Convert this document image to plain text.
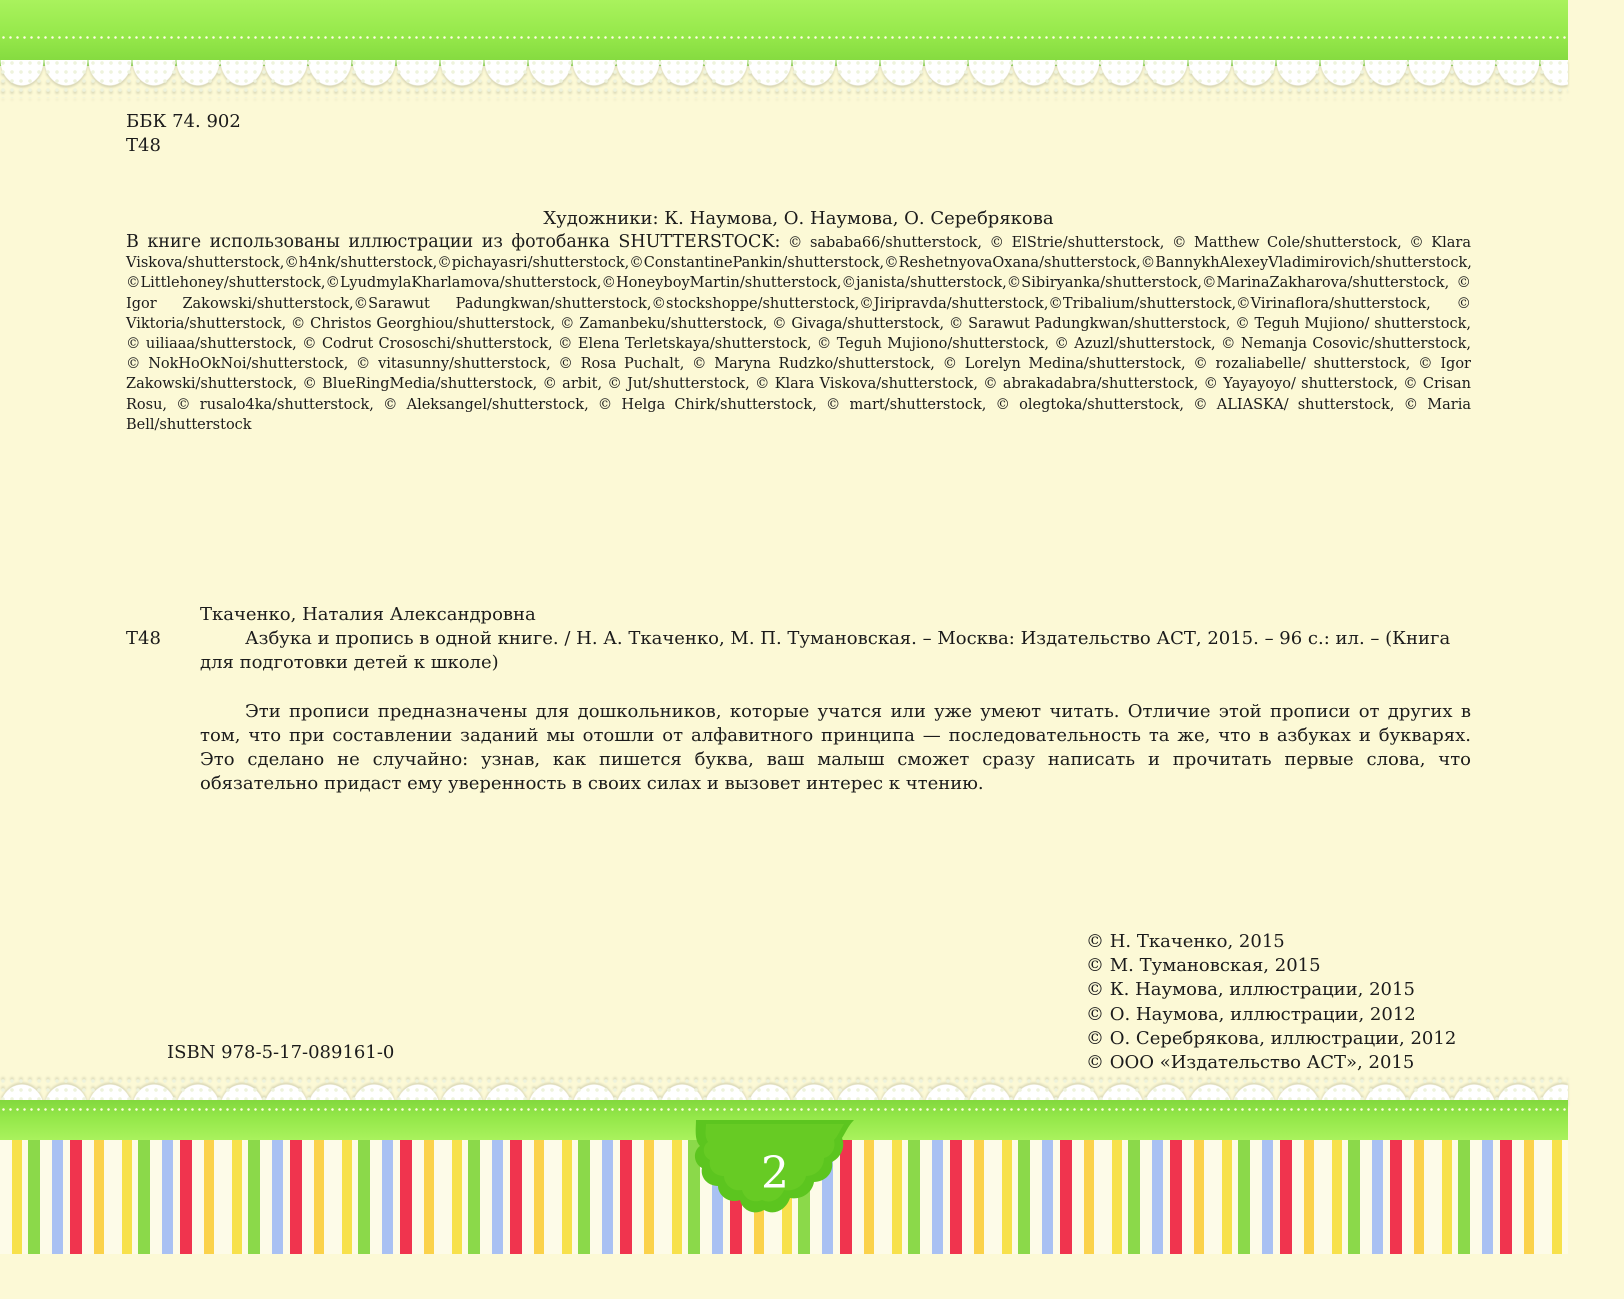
2
ББК 74. 902
Т48
Художники: К. Наумова, О. Наумова, О. Серебрякова
В книге использованы иллюстрации из фотобанка SHUTTERSTOCK: © sababa66/shutterstock, © ElStrie/shutterstock, © Matthew Cole/shutterstock, © Klara Viskova/shutterstock,©h4nk/shutterstock,©pichayasri/shutterstock,©ConstantinePankin/shutterstock,©ReshetnyovaOxana/shutterstock,©BannykhAlexeyVladimirovich/shutterstock, ©Littlehoney/shutterstock,©LyudmylaKharlamova/shutterstock,©HoneyboyMartin/shutterstock,©janista/shutterstock,©Sibiryanka/shutterstock,©MarinaZakharova/shutterstock, © Igor Zakowski/shutterstock,©Sarawut Padungkwan/shutterstock,©stockshoppe/shutterstock,©Jiripravda/shutterstock,©Tribalium/shutterstock,©Virinaflora/shutterstock, © Viktoria/shutterstock, © Christos Georghiou/shutterstock, © Zamanbeku/shutterstock, © Givaga/shutterstock, © Sarawut Padungkwan/shutterstock, © Teguh Mujiono/ shutterstock, © uiliaaa/shutterstock, © Codrut Crososchi/shutterstock, © Elena Terletskaya/shutterstock, © Teguh Mujiono/shutterstock, © Azuzl/shutterstock, © Nemanja Cosovic/shutterstock, © NokHoOkNoi/shutterstock, © vitasunny/shutterstock, © Rosa Puchalt, © Maryna Rudzko/shutterstock, © Lorelyn Medina/shutterstock, © rozaliabelle/ shutterstock, © Igor Zakowski/shutterstock, © BlueRingMedia/shutterstock, © arbit, © Jut/shutterstock, © Klara Viskova/shutterstock, © abrakadabra/shutterstock, © Yayayoyo/ shutterstock, © Crisan Rosu, © rusalo4ka/shutterstock, © Aleksangel/shutterstock, © Helga Chirk/shutterstock, © mart/shutterstock, © olegtoka/shutterstock, © ALIASKA/ shutterstock, © Maria Bell/shutterstock
Ткаченко, Наталия Александровна
Т48	Азбука и пропись в одной книге. / Н. А. Ткаченко, М. П. Тумановская. – Москва: Издательство АСТ, 2015. – 96 с.: ил. – (Книга для подготовки детей к школе)
Эти прописи предназначены для дошкольников, которые учатся или уже умеют читать. Отличие этой прописи от других в том, что при составлении заданий мы отошли от алфавитного принципа — последовательность та же, что в азбуках и букварях. Это сделано не случайно: узнав, как пишется буква, ваш малыш сможет сразу написать и прочитать первые слова, что обязательно придаст ему уверенность в своих силах и вызовет интерес к чтению.
ISBN 978-5-17-089161-0
© Н. Ткаченко, 2015
© М. Тумановская, 2015
© К. Наумова, иллюстрации, 2015
© О. Наумова, иллюстрации, 2012
© О. Серебрякова, иллюстрации, 2012
© ООО «Издательство АСТ», 2015
